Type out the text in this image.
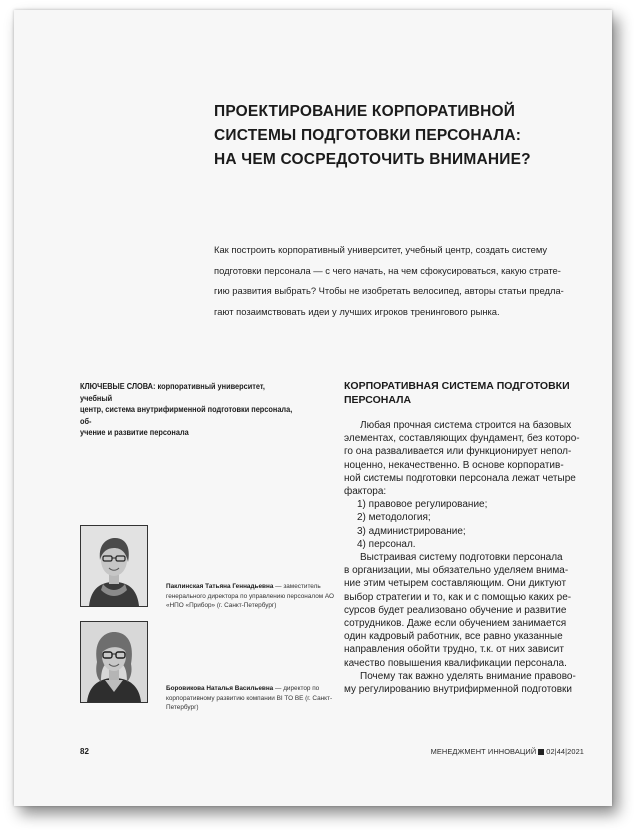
ПРОЕКТИРОВАНИЕ КОРПОРАТИВНОЙ
СИСТЕМЫ ПОДГОТОВКИ ПЕРСОНАЛА:
НА ЧЕМ СОСРЕДОТОЧИТЬ ВНИМАНИЕ?
Как построить корпоративный университет, учебный центр, создать систему
подготовки персонала — с чего начать, на чем сфокусироваться, какую страте-
гию развития выбрать? Чтобы не изобретать велосипед, авторы статьи предла-
гают позаимствовать идеи у лучших игроков тренингового рынка.
КЛЮЧЕВЫЕ СЛОВА: корпоративный университет, учебный
центр, система внутрифирменной подготовки персонала, об-
учение и развитие персонала
Паклинская Татьяна Геннадьевна — заместитель
генерального директора по управлению персоналом АО
«НПО «Прибор» (г. Санкт-Петербург)
Боровикова Наталья Васильевна — директор по
корпоративному развитию компании BI TO BE (г. Санкт-
Петербург)
КОРПОРАТИВНАЯ СИСТЕМА ПОДГОТОВКИ
ПЕРСОНАЛА
Любая прочная система строится на базовых
элементах, составляющих фундамент, без которо-
го она разваливается или функционирует непол-
ноценно, некачественно. В основе корпоратив-
ной системы подготовки персонала лежат четыре
фактора:
1) правовое регулирование;
2) методология;
3) администрирование;
4) персонал.
Выстраивая систему подготовки персонала
в организации, мы обязательно уделяем внима-
ние этим четырем составляющим. Они диктуют
выбор стратегии и то, как и с помощью каких ре-
сурсов будет реализовано обучение и развитие
сотрудников. Даже если обучением занимается
один кадровый работник, все равно указанные
направления обойти трудно, т.к. от них зависит
качество повышения квалификации персонала.
Почему так важно уделять внимание правово-
му регулированию внутрифирменной подготовки
82	МЕНЕДЖМЕНТ ИННОВАЦИЙ 02|44|2021
